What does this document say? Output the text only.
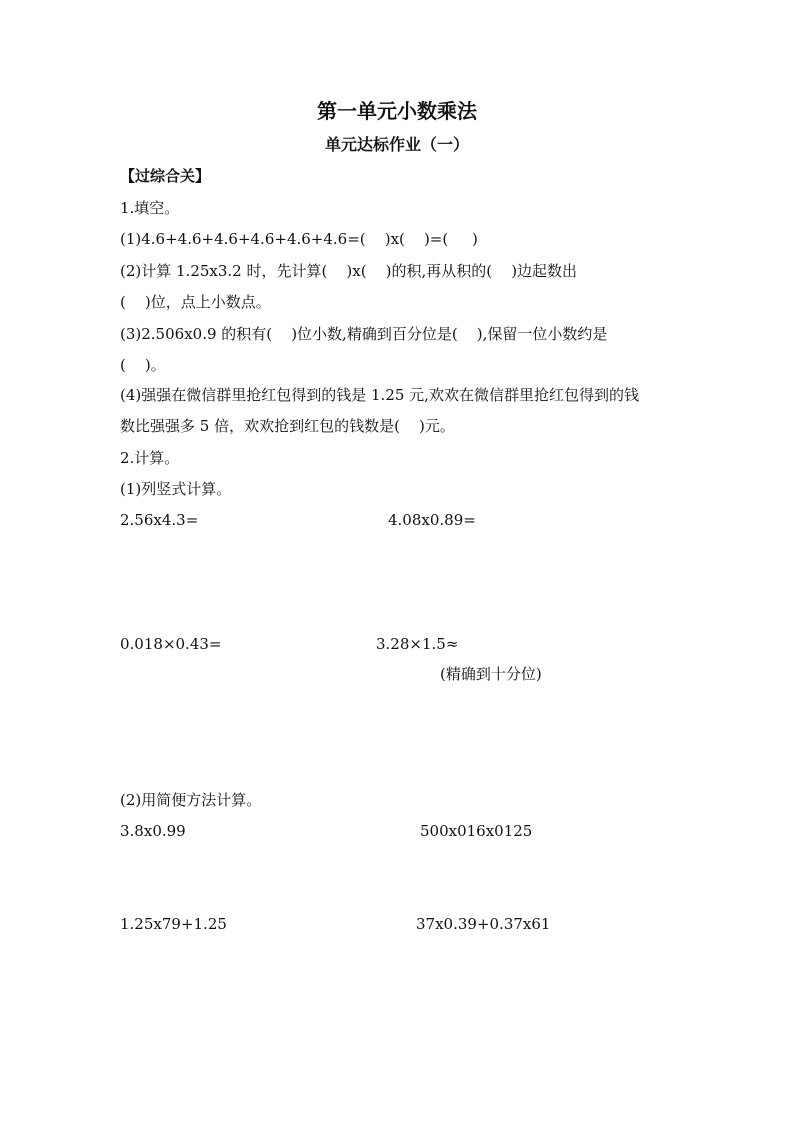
第一单元小数乘法
单元达标作业（一）
【过综合关】
1.填空。
(1)4.6+4.6+4.6+4.6+4.6+4.6=(    )x(    )=(     )
(2)计算 1.25x3.2 时，先计算(    )x(    )的积,再从积的(    )边起数出
(    )位，点上小数点。
(3)2.506x0.9 的积有(    )位小数,精确到百分位是(    ),保留一位小数约是
(    )。
(4)强强在微信群里抢红包得到的钱是 1.25 元,欢欢在微信群里抢红包得到的钱
数比强强多 5 倍，欢欢抢到红包的钱数是(    )元。
2.计算。
(1)列竖式计算。
2.56x4.3=	4.08x0.89=
0.018×0.43=	3.28×1.5≈
(精确到十分位)
(2)用简便方法计算。
3.8x0.99	500x016x0125
1.25x79+1.25	37x0.39+0.37x61
